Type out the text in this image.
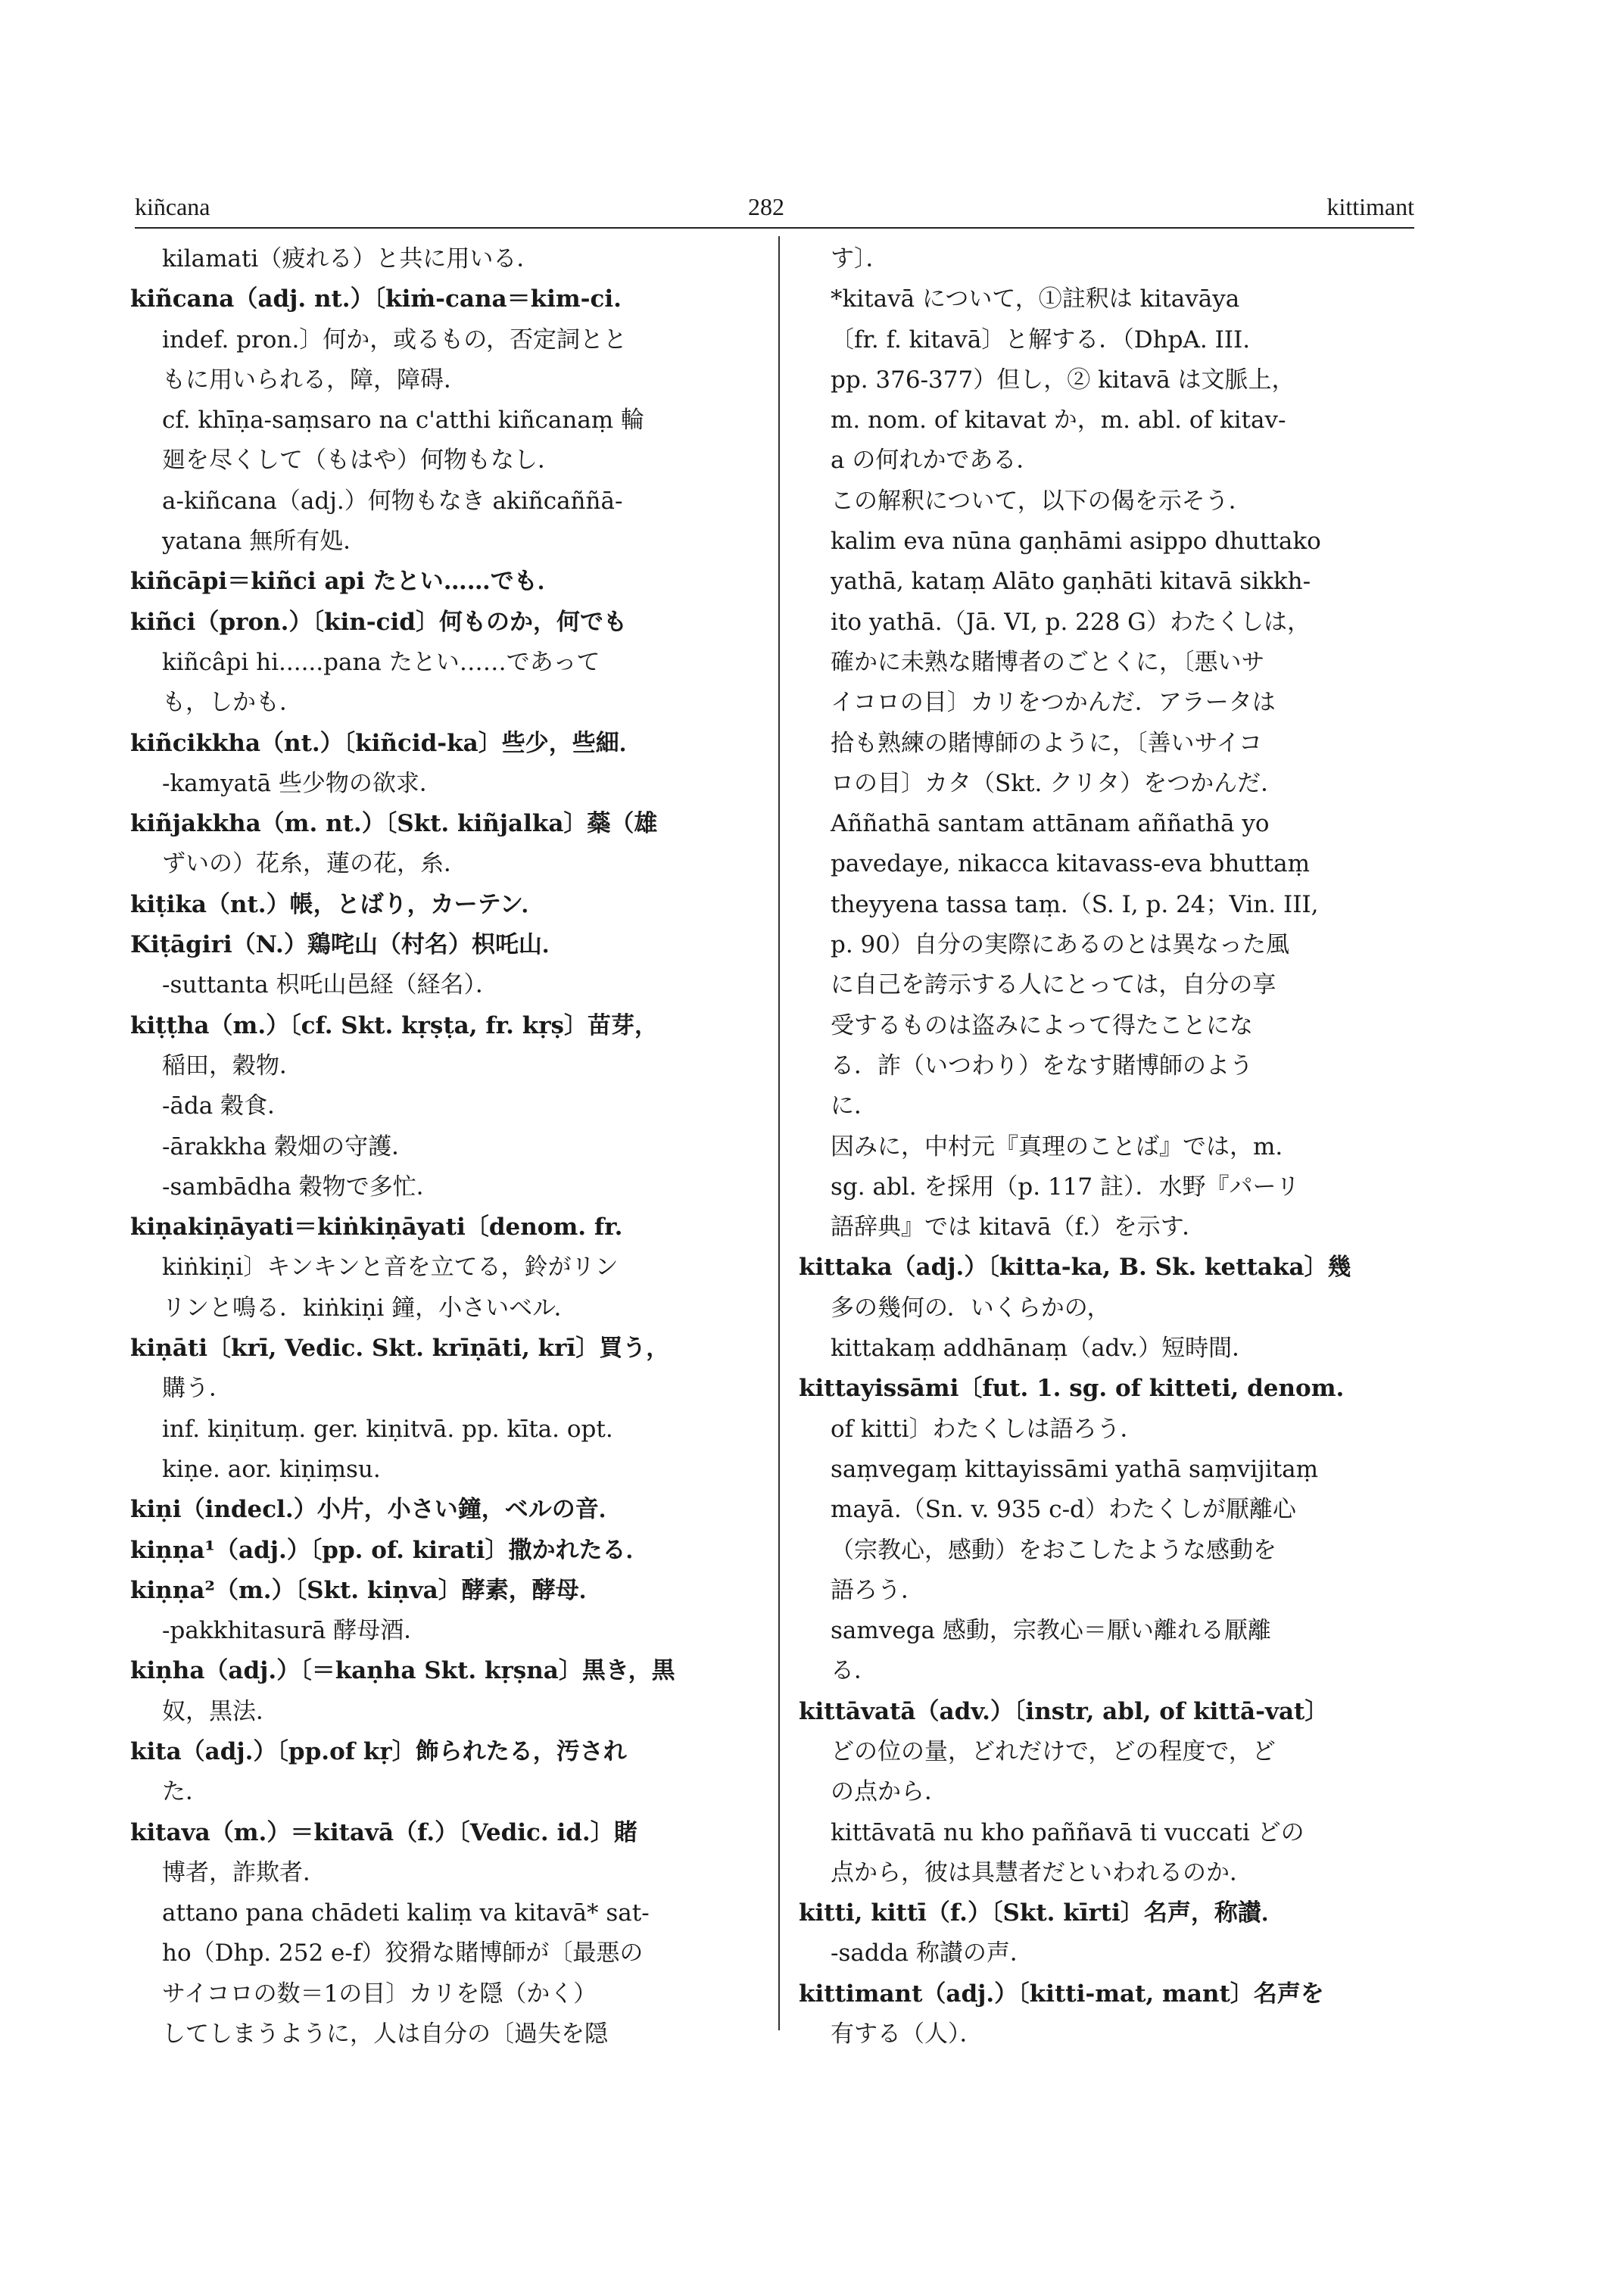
kiñcana	282	kittimant
kilamati（疲れる）と共に用いる．
kiñcana（adj. nt.）〔kiṁ-cana＝kim-ci.
indef. pron.〕何か，或るもの，否定詞とと
もに用いられる，障，障碍．
cf. khīṇa-saṃsaro na c'atthi kiñcanaṃ 輪
廻を尽くして（もはや）何物もなし．
a-kiñcana（adj.）何物もなき akiñcaññā-
yatana 無所有処．
kiñcāpi＝kiñci api たとい……でも．
kiñci（pron.）〔kin-cid〕何ものか，何でも
kiñcâpi hi......pana たとい……であって
も，しかも．
kiñcikkha（nt.）〔kiñcid-ka〕些少，些細．
-kamyatā 些少物の欲求．
kiñjakkha（m. nt.）〔Skt. kiñjalka〕蘂（雄
ずいの）花糸，蓮の花，糸．
kiṭika（nt.）帳，とばり，カーテン．
Kiṭāgiri（N.）鶏咤山（村名）枳吒山．
-suttanta 枳吒山邑経（経名）．
kiṭṭha（m.）〔cf. Skt. kṛṣṭa, fr. kṛṣ〕苗芽，
稲田，穀物．
-āda 穀食．
-ārakkha 穀畑の守護．
-sambādha 穀物で多忙．
kiṇakiṇāyati＝kiṅkiṇāyati〔denom. fr.
kiṅkiṇi〕キンキンと音を立てる，鈴がリン
リンと鳴る．kiṅkiṇi 鐘，小さいベル．
kiṇāti〔krī, Vedic. Skt. krīṇāti, krī〕買う，
購う．
inf. kiṇituṃ. ger. kiṇitvā. pp. kīta. opt.
kiṇe. aor. kiṇiṃsu.
kiṇi（indecl.）小片，小さい鐘，ベルの音．
kiṇṇa¹（adj.）〔pp. of. kirati〕撒かれたる．
kiṇṇa²（m.）〔Skt. kiṇva〕酵素，酵母．
-pakkhitasurā 酵母酒．
kiṇha（adj.）〔＝kaṇha Skt. kṛṣna〕黒き，黒
奴，黒法．
kita（adj.）〔pp.of kṛ〕飾られたる，汚され
た．
kitava（m.）＝kitavā（f.）〔Vedic. id.〕賭
博者，詐欺者．
attano pana chādeti kaliṃ va kitavā* sat-
ho（Dhp. 252 e-f）狡猾な賭博師が〔最悪の
サイコロの数＝1の目〕カリを隠（かく）
してしまうように，人は自分の〔過失を隠
す〕．
*kitavā について，①註釈は kitavāya
〔fr. f. kitavā〕と解する．（DhpA. III.
pp. 376-377）但し，② kitavā は文脈上，
m. nom. of kitavat か，m. abl. of kitav-
a の何れかである．
この解釈について，以下の偈を示そう．
kalim eva nūna gaṇhāmi asippo dhuttako
yathā, kataṃ Alāto gaṇhāti kitavā sikkh-
ito yathā.（Jā. VI, p. 228 G）わたくしは，
確かに未熟な賭博者のごとくに，〔悪いサ
イコロの目〕カリをつかんだ．アラータは
拾も熟練の賭博師のように，〔善いサイコ
ロの目〕カタ（Skt. クリタ）をつかんだ．
Aññathā santam attānam aññathā yo
pavedaye, nikacca kitavass-eva bhuttaṃ
theyyena tassa taṃ.（S. I, p. 24；Vin. III,
p. 90）自分の実際にあるのとは異なった風
に自己を誇示する人にとっては，自分の享
受するものは盗みによって得たことにな
る．詐（いつわり）をなす賭博師のよう
に．
因みに，中村元『真理のことば』では，m.
sg. abl. を採用（p. 117 註）．水野『パーリ
語辞典』では kitavā（f.）を示す．
kittaka（adj.）〔kitta-ka, B. Sk. kettaka〕幾
多の幾何の．いくらかの，
kittakaṃ addhānaṃ（adv.）短時間．
kittayissāmi〔fut. 1. sg. of kitteti, denom.
of kitti〕わたくしは語ろう．
saṃvegaṃ kittayissāmi yathā saṃvijitaṃ
mayā.（Sn. v. 935 c-d）わたくしが厭離心
（宗教心，感動）をおこしたような感動を
語ろう．
samvega 感動，宗教心＝厭い離れる厭離
る．
kittāvatā（adv.）〔instr, abl, of kittā-vat〕
どの位の量，どれだけで，どの程度で，ど
の点から．
kittāvatā nu kho paññavā ti vuccati どの
点から，彼は具慧者だといわれるのか．
kitti, kittī（f.）〔Skt. kīrti〕名声，称讃．
-sadda 称讃の声．
kittimant（adj.）〔kitti-mat, mant〕名声を
有する（人）．
